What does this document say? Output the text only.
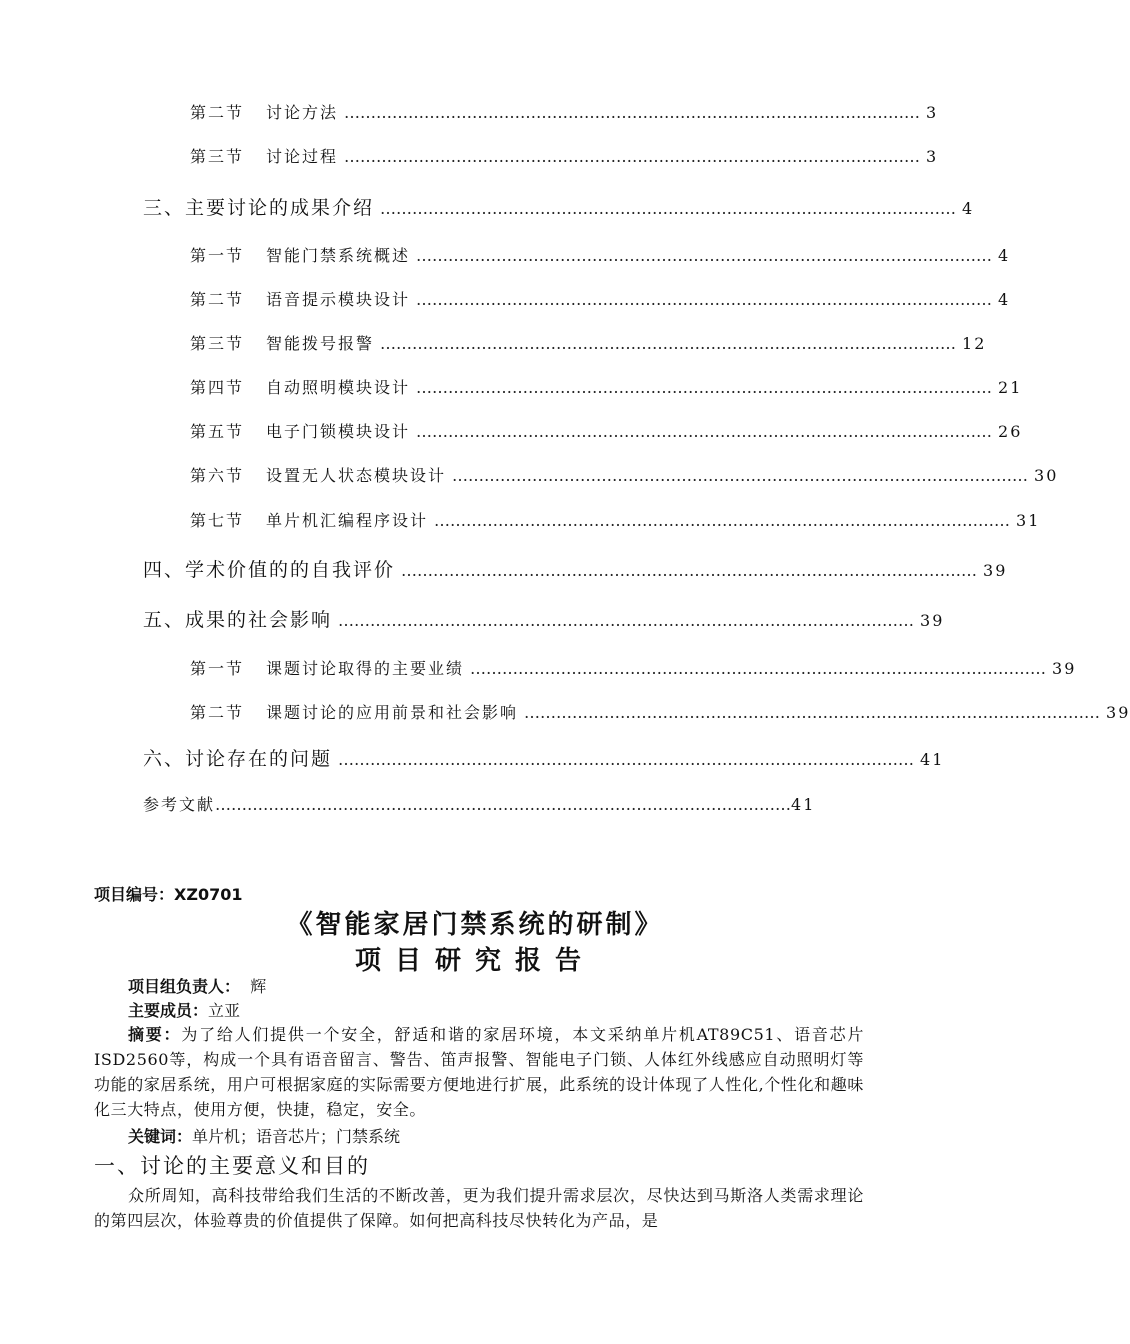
第二节 讨论方法 ……………………………………………………………………………………………… 3
第三节 讨论过程 ……………………………………………………………………………………………… 3
三、主要讨论的成果介绍 ……………………………………………………………………………………………… 4
第一节 智能门禁系统概述 ……………………………………………………………………………………………… 4
第二节 语音提示模块设计 ……………………………………………………………………………………………… 4
第三节 智能拨号报警 ……………………………………………………………………………………………… 12
第四节 自动照明模块设计 ……………………………………………………………………………………………… 21
第五节 电子门锁模块设计 ……………………………………………………………………………………………… 26
第六节 设置无人状态模块设计 ……………………………………………………………………………………………… 30
第七节 单片机汇编程序设计 ……………………………………………………………………………………………… 31
四、学术价值的的自我评价 ……………………………………………………………………………………………… 39
五、成果的社会影响 ……………………………………………………………………………………………… 39
第一节 课题讨论取得的主要业绩 ……………………………………………………………………………………………… 39
第二节 课题讨论的应用前景和社会影响 ……………………………………………………………………………………………… 39
六、讨论存在的问题 ……………………………………………………………………………………………… 41
参考文献 ……………………………………………………………………………………………… 41
项目编号：XZ0701
《智能家居门禁系统的研制》
项目研究报告
项目组负责人： 辉
主要成员：立亚
摘要：为了给人们提供一个安全，舒适和谐的家居环境，本文采纳单片机AT89C51、语音芯片ISD2560等，构成一个具有语音留言、警告、笛声报警、智能电子门锁、人体红外线感应自动照明灯等功能的家居系统，用户可根据家庭的实际需要方便地进行扩展，此系统的设计体现了人性化,个性化和趣味化三大特点，使用方便，快捷，稳定，安全。
关键词：单片机；语音芯片；门禁系统
一、讨论的主要意义和目的
众所周知，高科技带给我们生活的不断改善，更为我们提升需求层次，尽快达到马斯洛人类需求理论的第四层次，体验尊贵的价值提供了保障。如何把高科技尽快转化为产品，是
